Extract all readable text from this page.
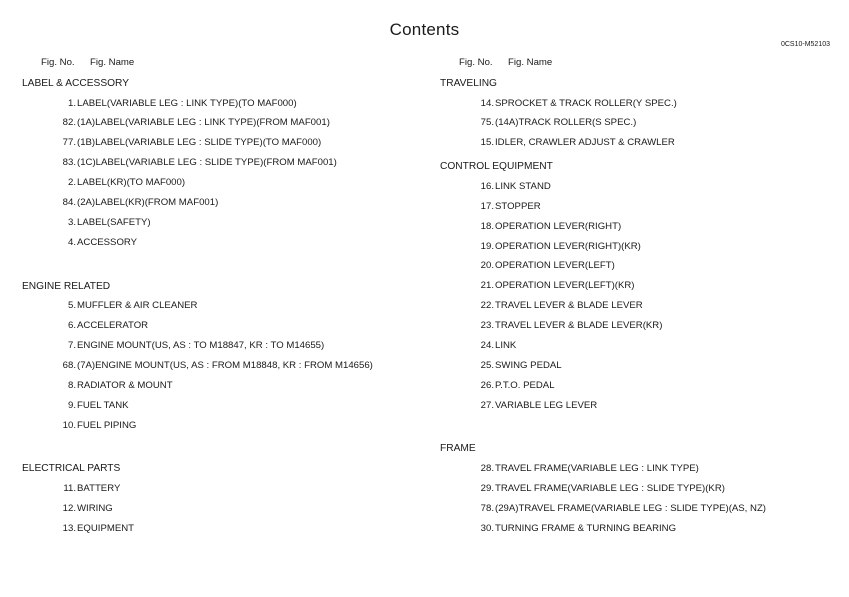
Contents
0CS10-M52103
Fig. No. Fig. Name
LABEL & ACCESSORY
1. LABEL(VARIABLE LEG : LINK TYPE)(TO MAF000)
82. (1A)LABEL(VARIABLE LEG : LINK TYPE)(FROM MAF001)
77. (1B)LABEL(VARIABLE LEG : SLIDE TYPE)(TO MAF000)
83. (1C)LABEL(VARIABLE LEG : SLIDE TYPE)(FROM MAF001)
2. LABEL(KR)(TO MAF000)
84. (2A)LABEL(KR)(FROM MAF001)
3. LABEL(SAFETY)
4. ACCESSORY
ENGINE RELATED
5. MUFFLER & AIR CLEANER
6. ACCELERATOR
7. ENGINE MOUNT(US, AS : TO M18847, KR : TO M14655)
68. (7A)ENGINE MOUNT(US, AS : FROM M18848, KR : FROM M14656)
8. RADIATOR & MOUNT
9. FUEL TANK
10. FUEL PIPING
ELECTRICAL PARTS
11. BATTERY
12. WIRING
13. EQUIPMENT
Fig. No. Fig. Name
TRAVELING
14. SPROCKET & TRACK ROLLER(Y SPEC.)
75. (14A)TRACK ROLLER(S SPEC.)
15. IDLER, CRAWLER ADJUST & CRAWLER
CONTROL EQUIPMENT
16. LINK STAND
17. STOPPER
18. OPERATION LEVER(RIGHT)
19. OPERATION LEVER(RIGHT)(KR)
20. OPERATION LEVER(LEFT)
21. OPERATION LEVER(LEFT)(KR)
22. TRAVEL LEVER & BLADE LEVER
23. TRAVEL LEVER & BLADE LEVER(KR)
24. LINK
25. SWING PEDAL
26. P.T.O. PEDAL
27. VARIABLE LEG LEVER
FRAME
28. TRAVEL FRAME(VARIABLE LEG : LINK TYPE)
29. TRAVEL FRAME(VARIABLE LEG : SLIDE TYPE)(KR)
78. (29A)TRAVEL FRAME(VARIABLE LEG : SLIDE TYPE)(AS, NZ)
30. TURNING FRAME & TURNING BEARING
